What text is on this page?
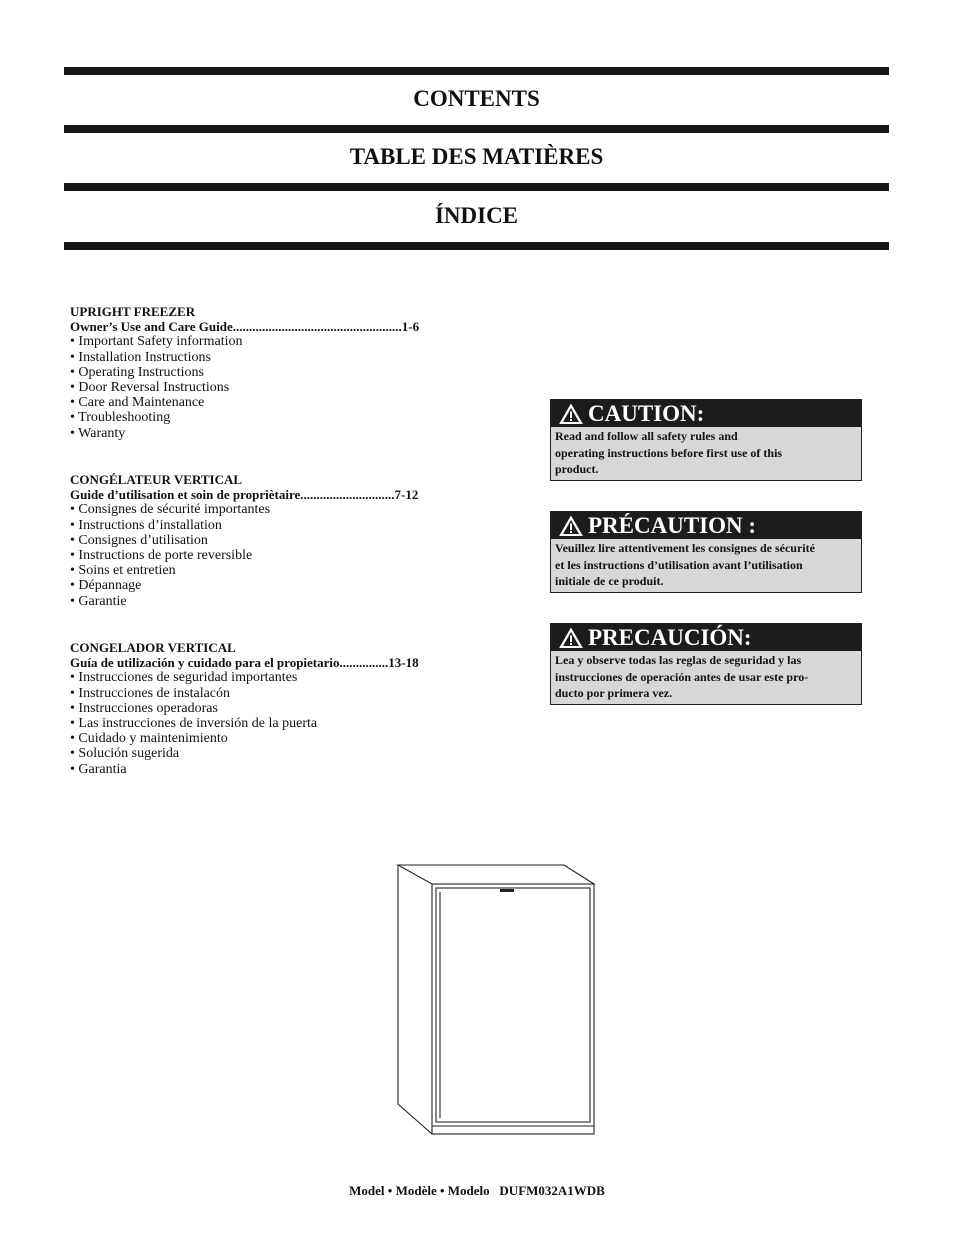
CONTENTS
TABLE DES MATIÈRES
ÍNDICE
UPRIGHT FREEZER
Owner’s Use and Care Guide....................................................1-6
• Important Safety information
• Installation Instructions
• Operating Instructions
• Door Reversal Instructions
• Care and Maintenance
• Troubleshooting
• Waranty
CONGÉLATEUR VERTICAL
Guide d’utilisation et soin de propriètaire.............................7-12
• Consignes de sécurité importantes
• Instructions d’installation
• Consignes d’utilisation
• Instructions de porte reversible
• Soins et entretien
• Dépannage
• Garantie
CONGELADOR VERTICAL
Guía de utilización y cuidado para el propietario...............13-18
• Instrucciones de seguridad importantes
• Instrucciones de instalacón
• Instrucciones operadoras
• Las instrucciones de inversión de la puerta
• Cuidado y maintenimiento
• Solución sugerida
• Garantia
CAUTION:
Read and follow all safety rules and
operating instructions before first use of this
product.
PRÉCAUTION :
Veuillez lire attentivement les consignes de sécurité
et les instructions d’utilisation avant l’utilisation
initiale de ce produit.
PRECAUCIÓN:
Lea y observe todas las reglas de seguridad y las
instrucciones de operación antes de usar este pro-
ducto por primera vez.
Model • Modèle • Modelo DUFM032A1WDB
